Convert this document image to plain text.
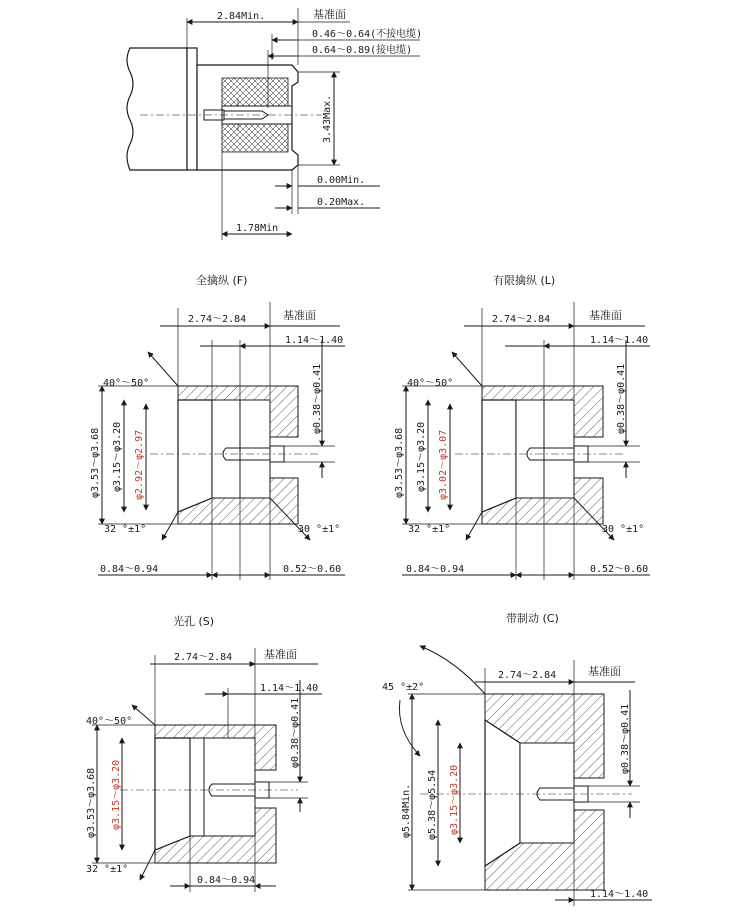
2.84Min.	基准面
0.46～0.64(不接电缆)
0.64～0.89(接电缆)
3.43Max.
0.00Min.
0.20Max.
1.78Min
全擒纵 (F)
2.74～2.84	基准面
1.14～1.40
40°～50°
φ3.53～φ3.68 φ3.15～φ3.20 φ2.92～φ2.97
φ0.38～φ0.41
32 °±1°	30 °±1°
0.84～0.94	0.52～0.60
有限擒纵 (L)
2.74～2.84	基准面
1.14～1.40
40°～50°
φ3.53～φ3.68 φ3.15～φ3.20 φ3.02～φ3.07
φ0.38～φ0.41
32 °±1°	30 °±1°
0.84～0.94	0.52～0.60
光孔 (S)
2.74～2.84	基准面
1.14～1.40
40°～50°
φ3.53～φ3.68 φ3.15～φ3.20
φ0.38～φ0.41
32 °±1°
0.84～0.94
带制动 (C)
2.74～2.84	基准面
45 °±2°
φ5.84Min. φ5.38～φ5.54 φ3.15～φ3.20
φ0.38～φ0.41
1.14～1.40
